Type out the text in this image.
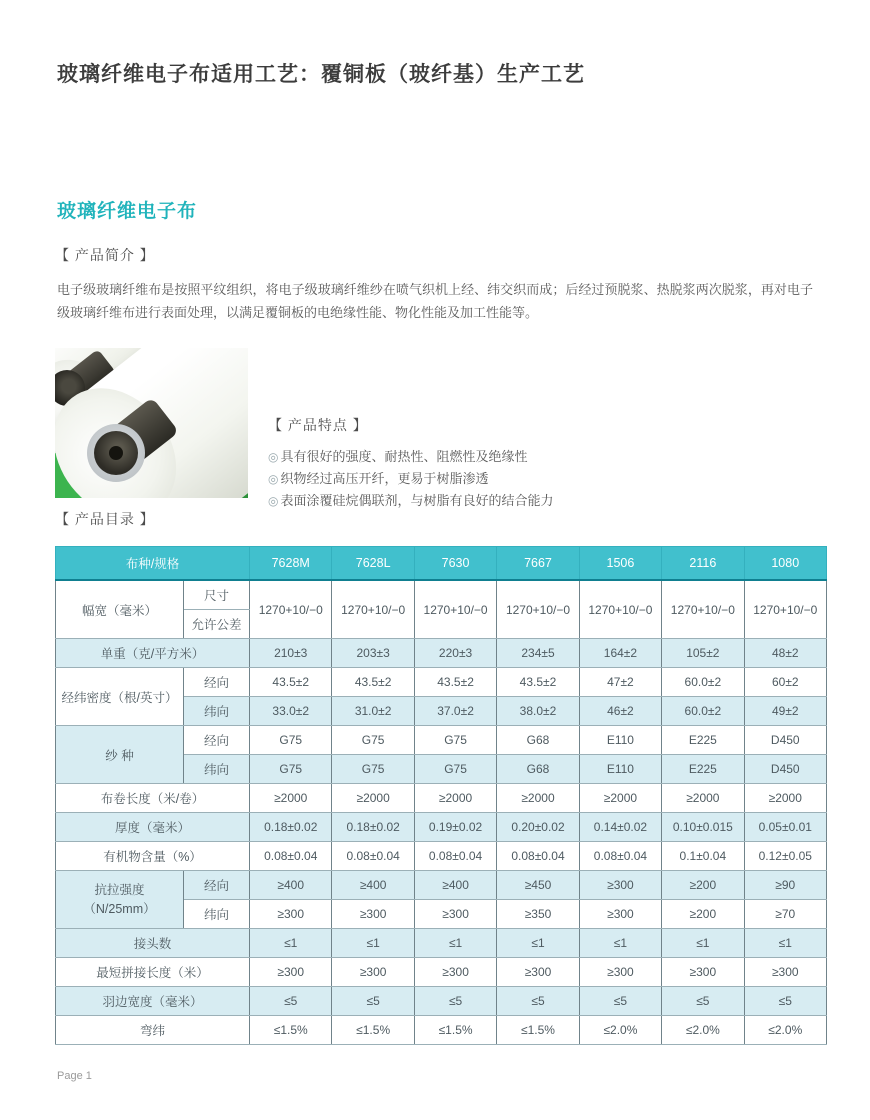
玻璃纤维电子布适用工艺：覆铜板（玻纤基）生产工艺
玻璃纤维电子布
【 产品简介 】

电子级玻璃纤维布是按照平纹组织，将电子级玻璃纤维纱在喷气织机上经、纬交织而成；后经过预脱浆、热脱浆两次脱浆，再对电子级玻璃纤维布进行表面处理，以满足覆铜板的电绝缘性能、物化性能及加工性能等。

【 产品特点 】
◎ 具有很好的强度、耐热性、阻燃性及绝缘性
◎ 织物经过高压开纤，更易于树脂渗透
◎ 表面涂覆硅烷偶联剂，与树脂有良好的结合能力
【 产品目录 】
布种/规格		7628M	7628L	7630	7667	1506	2116	1080
幅宽（毫米）	尺寸	1270+10/−0	1270+10/−0	1270+10/−0	1270+10/−0	1270+10/−0	1270+10/−0	1270+10/−0
	允许公差							
单重（克/平方米）		210±3	203±3	220±3	234±5	164±2	105±2	48±2
经纬密度（根/英寸）	经向	43.5±2	43.5±2	43.5±2	43.5±2	47±2	60.0±2	60±2
	纬向	33.0±2	31.0±2	37.0±2	38.0±2	46±2	60.0±2	49±2
纱 种	经向	G75	G75	G75	G68	E110	E225	D450
	纬向	G75	G75	G75	G68	E110	E225	D450
布卷长度（米/卷）		≥2000	≥2000	≥2000	≥2000	≥2000	≥2000	≥2000
厚度（毫米）		0.18±0.02	0.18±0.02	0.19±0.02	0.20±0.02	0.14±0.02	0.10±0.015	0.05±0.01
有机物含量（%）		0.08±0.04	0.08±0.04	0.08±0.04	0.08±0.04	0.08±0.04	0.1±0.04	0.12±0.05

抗拉强度
（N/25mm）	经向	≥400	≥400	≥400	≥450	≥300	≥200	≥90
	纬向	≥300	≥300	≥300	≥350	≥300	≥200	≥70
接头数		≤1	≤1	≤1	≤1	≤1	≤1	≤1
最短拼接长度（米）		≥300	≥300	≥300	≥300	≥300	≥300	≥300
羽边宽度（毫米）		≤5	≤5	≤5	≤5	≤5	≤5	≤5
弯纬		≤1.5%	≤1.5%	≤1.5%	≤1.5%	≤2.0%	≤2.0%	≤2.0%
Page 1
